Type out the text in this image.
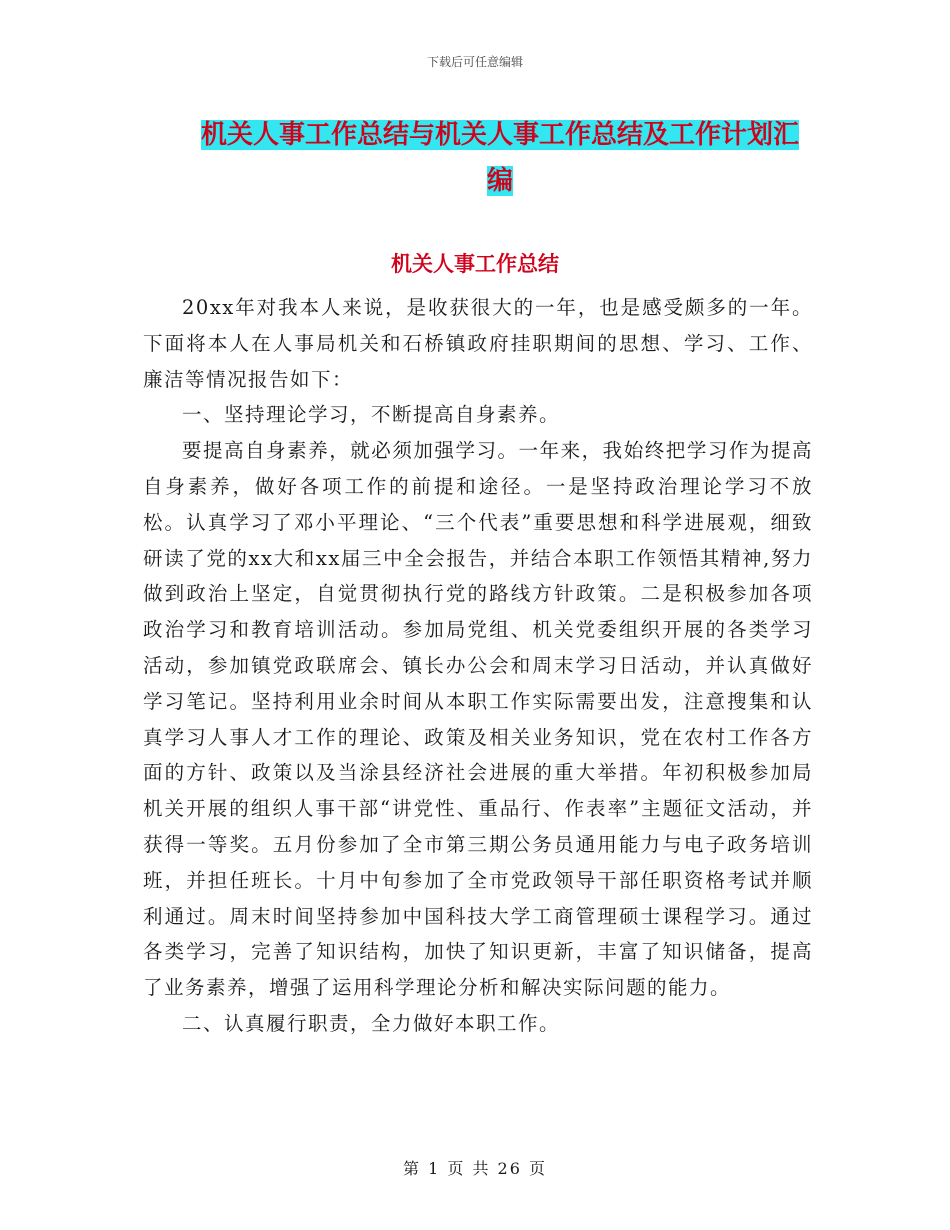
下载后可任意编辑
机关人事工作总结与机关人事工作总结及工作计划汇
编
机关人事工作总结

20xx年对我本人来说，是收获很大的一年，也是感受颇多的一年。下面将本人在人事局机关和石桥镇政府挂职期间的思想、学习、工作、廉洁等情况报告如下：

一、坚持理论学习，不断提高自身素养。

要提高自身素养，就必须加强学习。一年来，我始终把学习作为提高自身素养，做好各项工作的前提和途径。一是坚持政治理论学习不放松。认真学习了邓小平理论、“三个代表”重要思想和科学进展观，细致研读了党的xx大和xx届三中全会报告，并结合本职工作领悟其精神,努力做到政治上坚定，自觉贯彻执行党的路线方针政策。二是积极参加各项政治学习和教育培训活动。参加局党组、机关党委组织开展的各类学习活动，参加镇党政联席会、镇长办公会和周末学习日活动，并认真做好学习笔记。坚持利用业余时间从本职工作实际需要出发，注意搜集和认真学习人事人才工作的理论、政策及相关业务知识，党在农村工作各方面的方针、政策以及当涂县经济社会进展的重大举措。年初积极参加局机关开展的组织人事干部“讲党性、重品行、作表率”主题征文活动，并获得一等奖。五月份参加了全市第三期公务员通用能力与电子政务培训班，并担任班长。十月中旬参加了全市党政领导干部任职资格考试并顺利通过。周末时间坚持参加中国科技大学工商管理硕士课程学习。通过各类学习，完善了知识结构，加快了知识更新，丰富了知识储备，提高了业务素养，增强了运用科学理论分析和解决实际问题的能力。

二、认真履行职责，全力做好本职工作。

第 1 页 共 26 页
